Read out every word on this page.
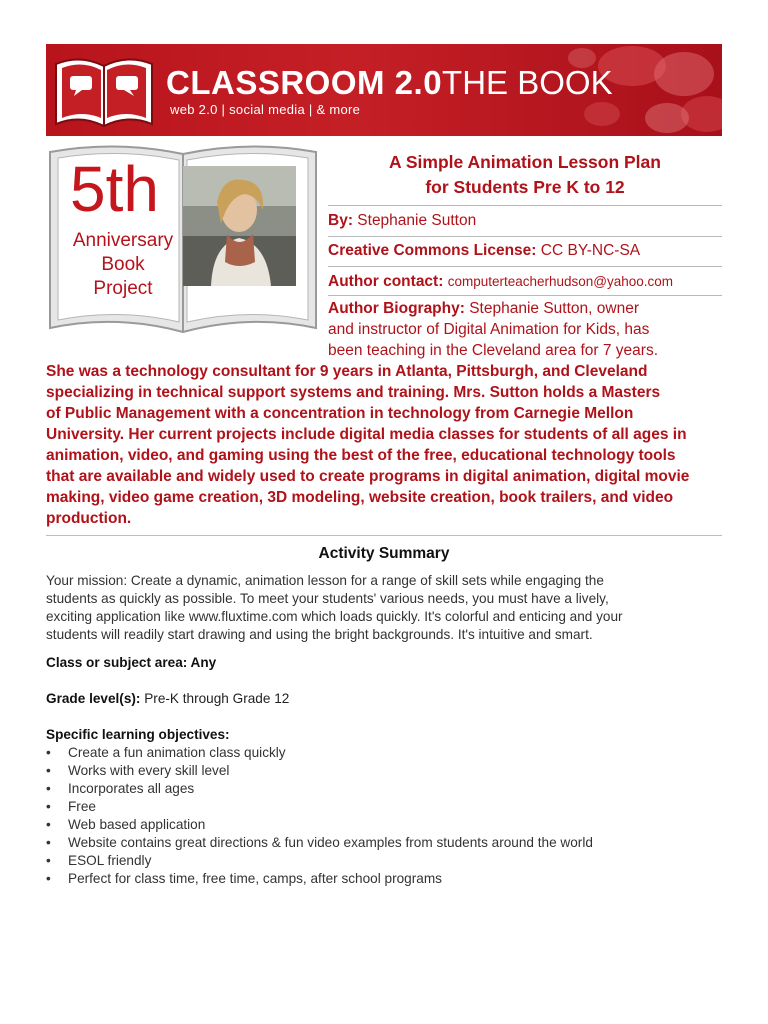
CLASSROOM 2.0THE BOOK
web 2.0 | social media | & more
5th
Anniversary
Book
Project
A Simple Animation Lesson Plan
for Students Pre K to 12
By: Stephanie Sutton
Creative Commons License: CC BY-NC-SA
Author contact: computerteacherhudson@yahoo.com
Author Biography: Stephanie Sutton, owner
and instructor of Digital Animation for Kids, has
been teaching in the Cleveland area for 7 years.
She was a technology consultant for 9 years in Atlanta, Pittsburgh, and Cleveland
specializing in technical support systems and training. Mrs. Sutton holds a Masters
of Public Management with a concentration in technology from Carnegie Mellon
University. Her current projects include digital media classes for students of all ages in
animation, video, and gaming using the best of the free, educational technology tools
that are available and widely used to create programs in digital animation, digital movie
making, video game creation, 3D modeling, website creation, book trailers, and video
production.
Activity Summary
Your mission: Create a dynamic, animation lesson for a range of skill sets while engaging the
students as quickly as possible. To meet your students' various needs, you must have a lively,
exciting application like www.fluxtime.com which loads quickly. It's colorful and enticing and your
students will readily start drawing and using the bright backgrounds. It's intuitive and smart.
Class or subject area: Any
Grade level(s): Pre-K through Grade 12
Specific learning objectives:
• Create a fun animation class quickly
• Works with every skill level
• Incorporates all ages
• Free
• Web based application
• Website contains great directions & fun video examples from students around the world
• ESOL friendly
• Perfect for class time, free time, camps, after school programs
